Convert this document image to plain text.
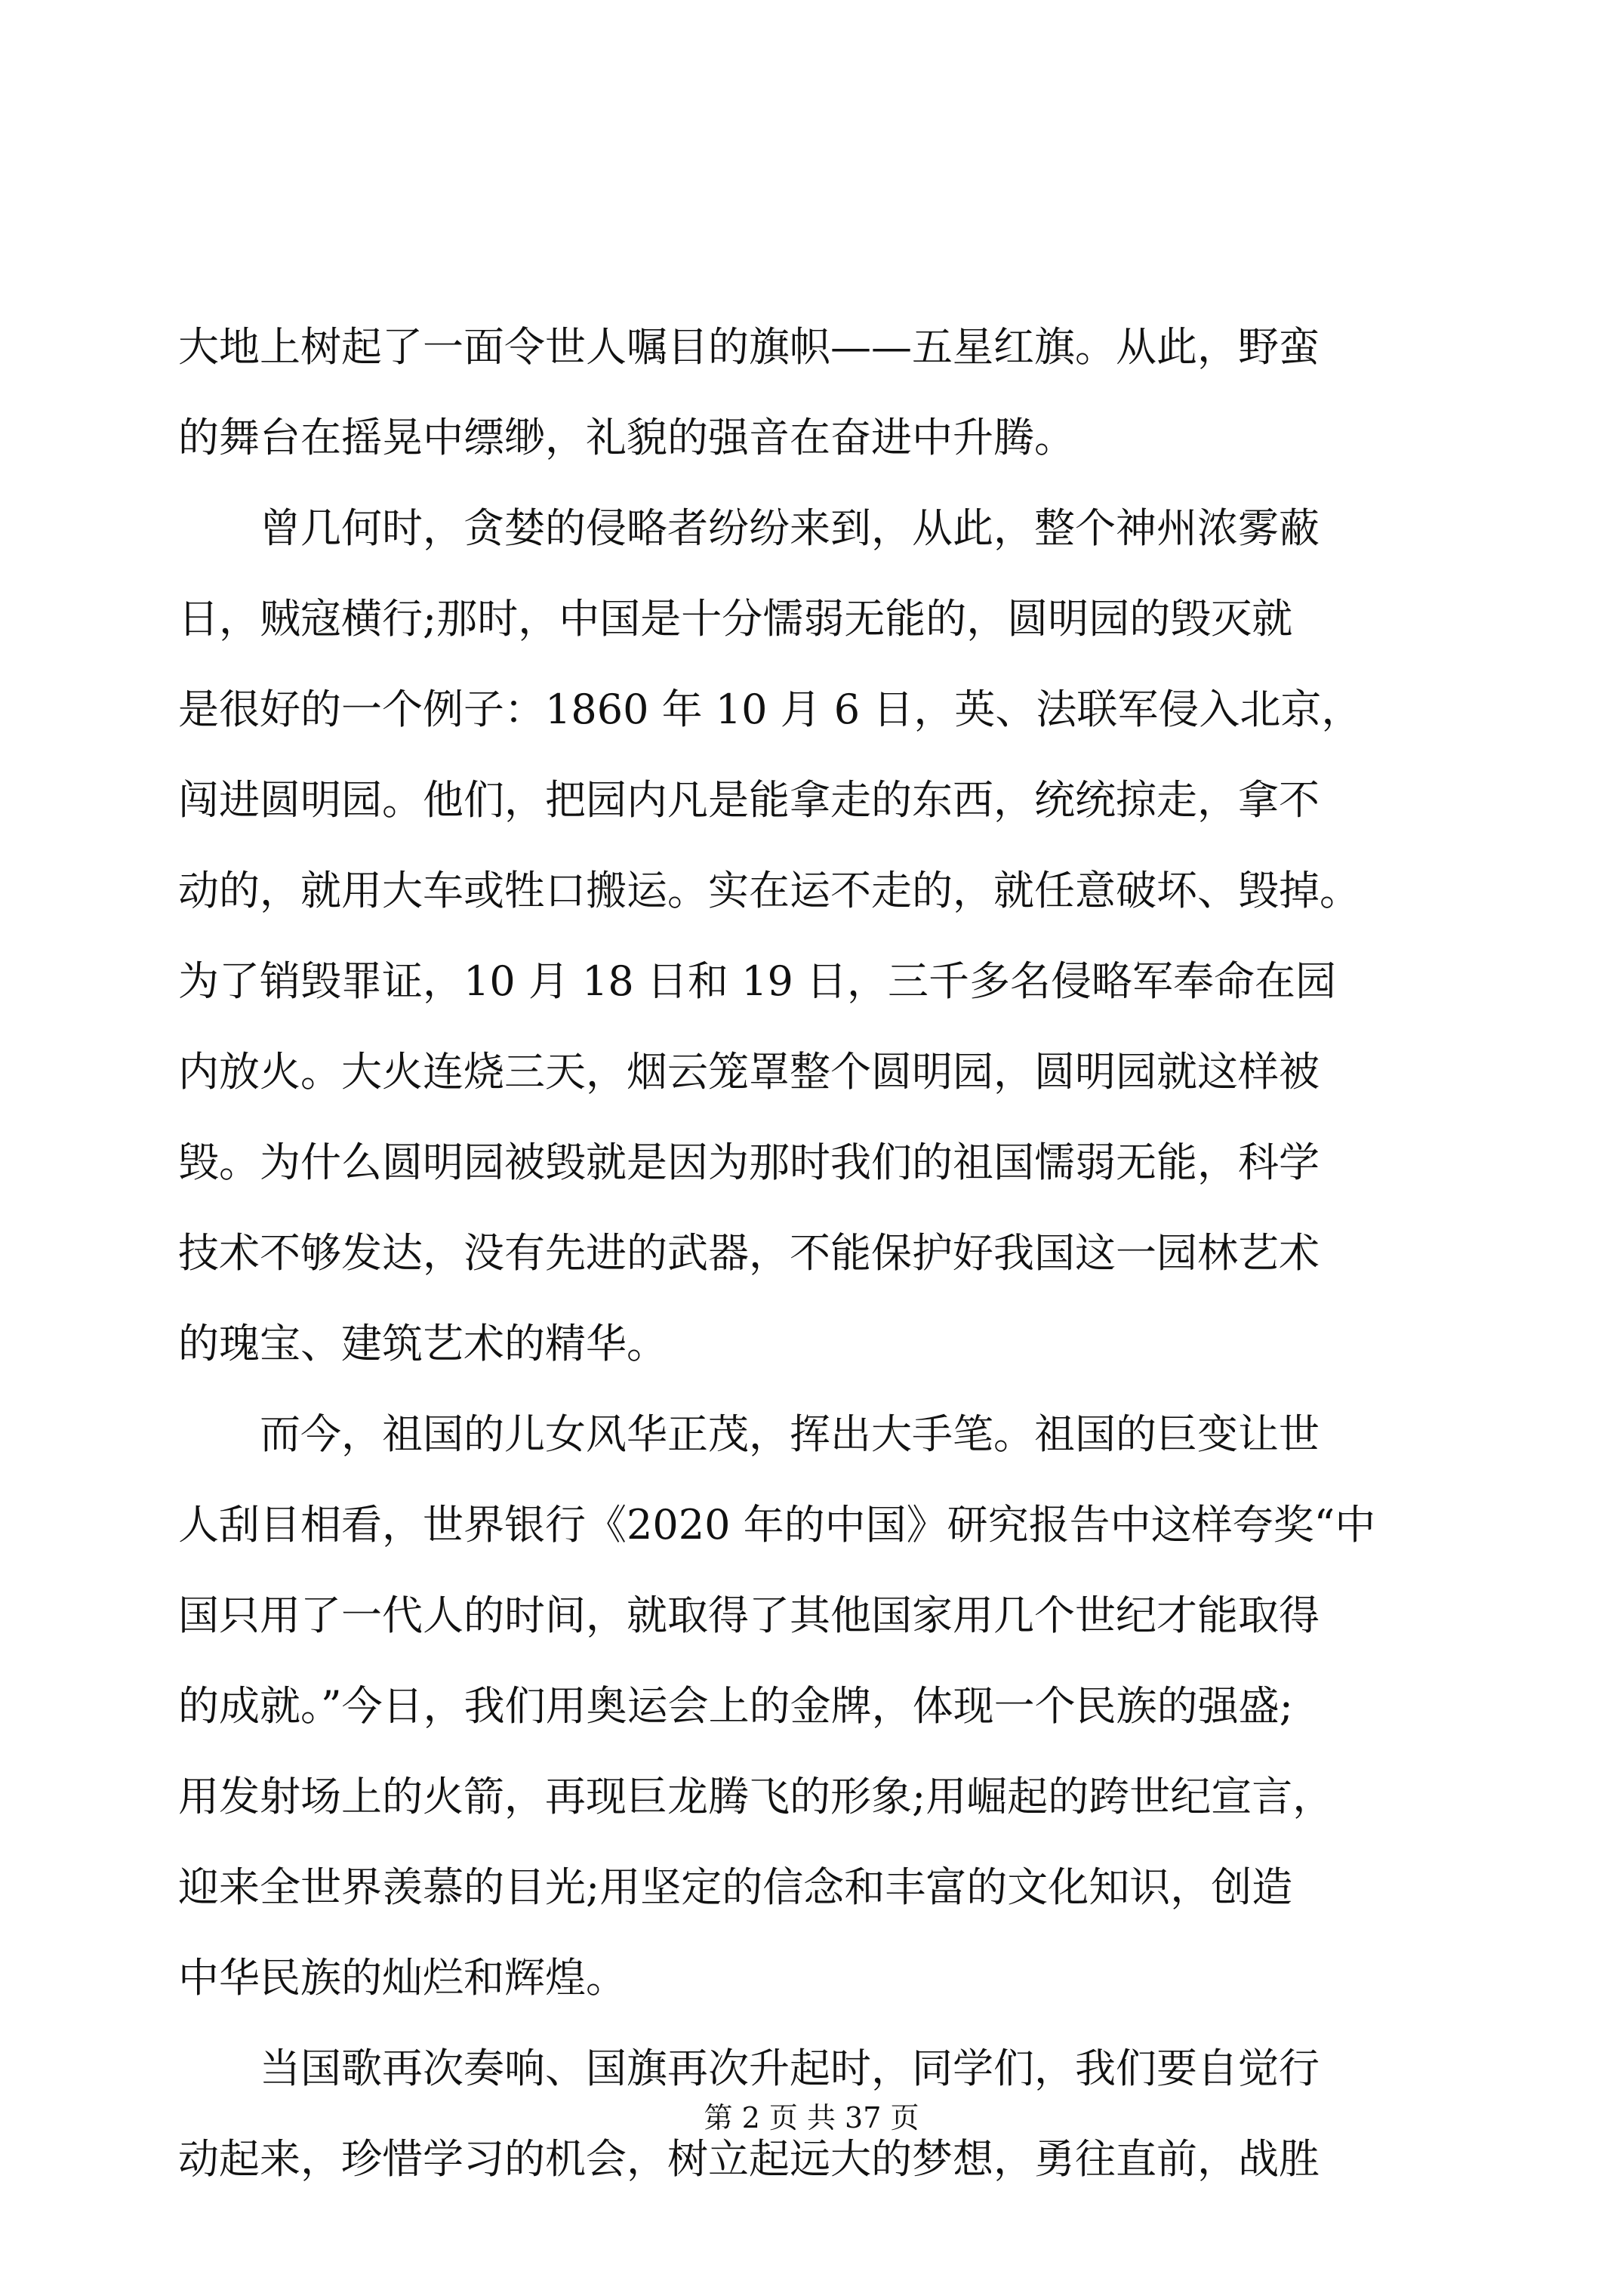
大地上树起了一面令世人嘱目的旗帜——五星红旗。从此，野蛮
的舞台在摇晃中缥缈，礼貌的强音在奋进中升腾。
曾几何时，贪婪的侵略者纷纷来到，从此，整个神州浓雾蔽
日，贼寇横行;那时，中国是十分懦弱无能的，圆明园的毁灭就
是很好的一个例子：1860 年 10 月 6 日，英、法联军侵入北京，
闯进圆明园。他们，把园内凡是能拿走的东西，统统掠走，拿不
动的，就用大车或牲口搬运。实在运不走的，就任意破坏、毁掉。
为了销毁罪证，10 月 18 日和 19 日，三千多名侵略军奉命在园
内放火。大火连烧三天，烟云笼罩整个圆明园，圆明园就这样被
毁。为什么圆明园被毁就是因为那时我们的祖国懦弱无能，科学
技术不够发达，没有先进的武器，不能保护好我国这一园林艺术
的瑰宝、建筑艺术的精华。
而今，祖国的儿女风华正茂，挥出大手笔。祖国的巨变让世
人刮目相看，世界银行《2020 年的中国》研究报告中这样夸奖“中
国只用了一代人的时间，就取得了其他国家用几个世纪才能取得
的成就。”今日，我们用奥运会上的金牌，体现一个民族的强盛;
用发射场上的火箭，再现巨龙腾飞的形象;用崛起的跨世纪宣言，
迎来全世界羡慕的目光;用坚定的信念和丰富的文化知识，创造
中华民族的灿烂和辉煌。
当国歌再次奏响、国旗再次升起时，同学们，我们要自觉行
动起来，珍惜学习的机会，树立起远大的梦想，勇往直前，战胜
第 2 页 共 37 页
